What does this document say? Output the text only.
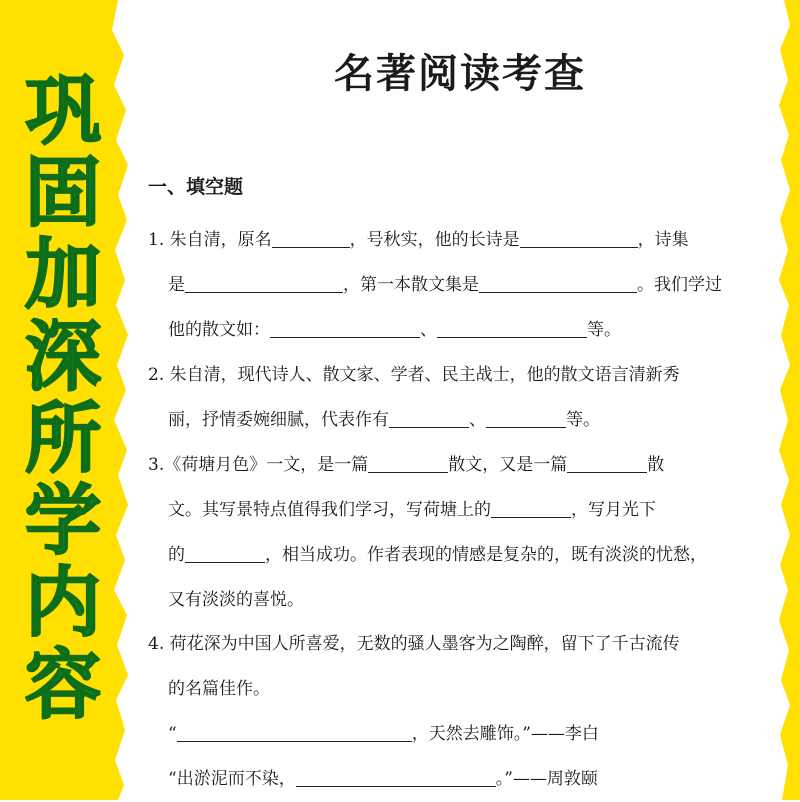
巩
固
加
深
所
学
内
容
名著阅读考查
一、填空题
1. 朱自清，原名	，号秋实，他的长诗是	，诗集
是	，第一本散文集是	。我们学过
他的散文如：	、	等。
2. 朱自清，现代诗人、散文家、学者、民主战士，他的散文语言清新秀
丽，抒情委婉细腻，代表作有	、	等。
3.《荷塘月色》一文，是一篇	散文，又是一篇	散
文。其写景特点值得我们学习，写荷塘上的	，写月光下
的	，相当成功。作者表现的情感是复杂的，既有淡淡的忧愁，
又有淡淡的喜悦。
4. 荷花深为中国人所喜爱，无数的骚人墨客为之陶醉，留下了千古流传
的名篇佳作。
“	，天然去雕饰。”——李白
“出淤泥而不染，	。”——周敦颐
